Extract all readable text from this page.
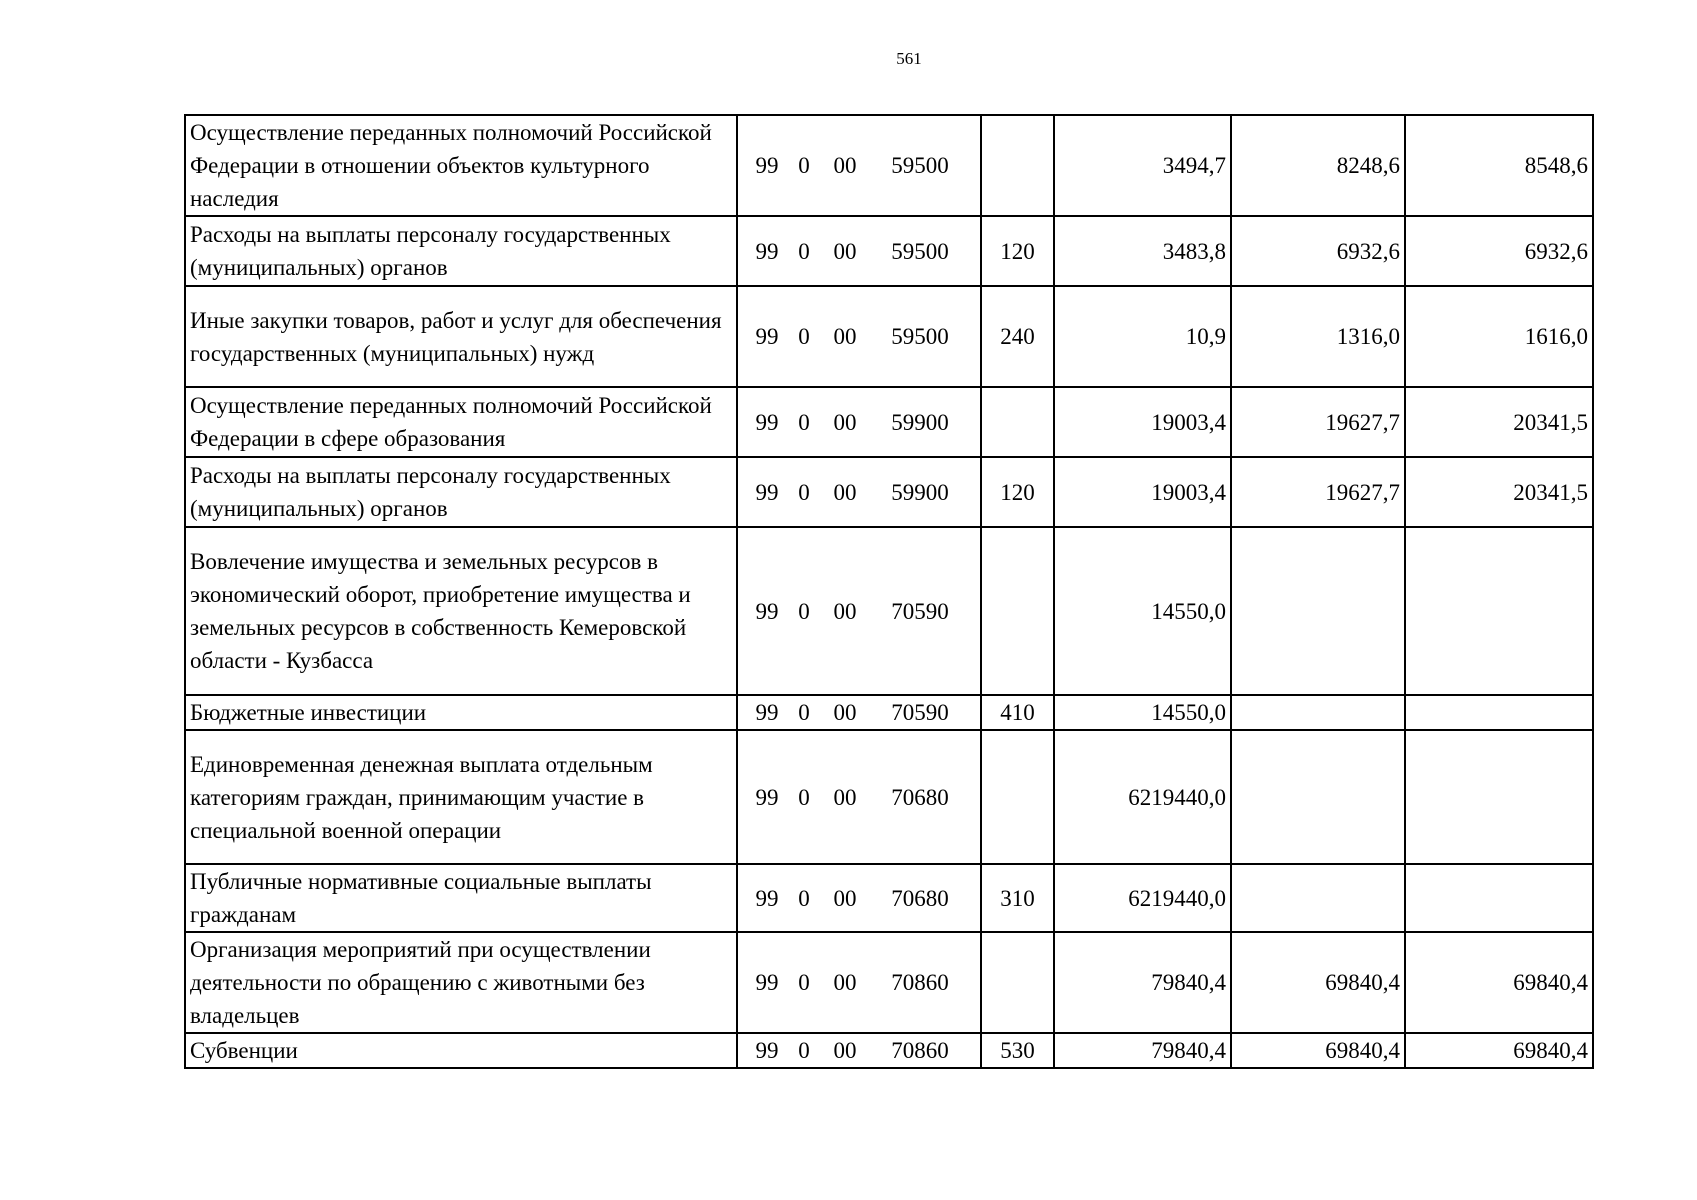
561
Осуществление переданных полномочий Российской Федерации в отношении объектов культурного наследия	99 0 00 59500		3494,7	8248,6	8548,6
Расходы на выплаты персоналу государственных (муниципальных) органов	99 0 00 59500	120	3483,8	6932,6	6932,6
Иные закупки товаров, работ и услуг для обеспечения государственных (муниципальных) нужд	99 0 00 59500	240	10,9	1316,0	1616,0
Осуществление переданных полномочий Российской Федерации в сфере образования	99 0 00 59900		19003,4	19627,7	20341,5
Расходы на выплаты персоналу государственных (муниципальных) органов	99 0 00 59900	120	19003,4	19627,7	20341,5
Вовлечение имущества и земельных ресурсов в экономический оборот, приобретение имущества и земельных ресурсов в собственность Кемеровской области - Кузбасса	99 0 00 70590		14550,0		
Бюджетные инвестиции	99 0 00 70590	410	14550,0		
Единовременная денежная выплата отдельным категориям граждан, принимающим участие в специальной военной операции	99 0 00 70680		6219440,0		
Публичные нормативные социальные выплаты гражданам	99 0 00 70680	310	6219440,0		
Организация мероприятий при осуществлении деятельности по обращению с животными без владельцев	99 0 00 70860		79840,4	69840,4	69840,4
Субвенции	99 0 00 70860	530	79840,4	69840,4	69840,4
